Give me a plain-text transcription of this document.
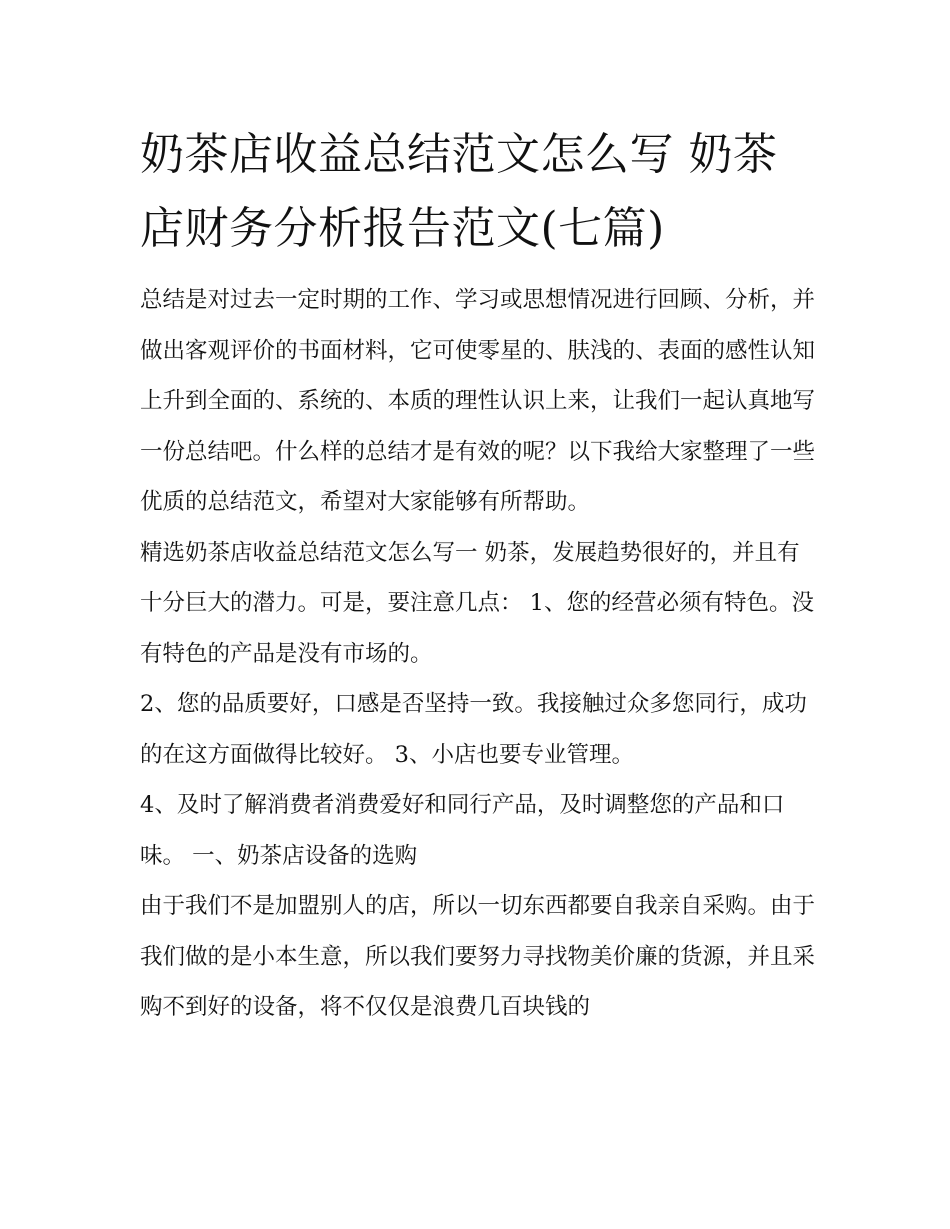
奶茶店收益总结范文怎么写 奶茶店财务分析报告范文(七篇)

总结是对过去一定时期的工作、学习或思想情况进行回顾、分析，并做出客观评价的书面材料，它可使零星的、肤浅的、表面的感性认知上升到全面的、系统的、本质的理性认识上来，让我们一起认真地写一份总结吧。什么样的总结才是有效的呢？以下我给大家整理了一些优质的总结范文，希望对大家能够有所帮助。

精选奶茶店收益总结范文怎么写一 奶茶，发展趋势很好的，并且有十分巨大的潜力。可是，要注意几点： 1、您的经营必须有特色。没有特色的产品是没有市场的。

2、您的品质要好，口感是否坚持一致。我接触过众多您同行，成功的在这方面做得比较好。 3、小店也要专业管理。

4、及时了解消费者消费爱好和同行产品，及时调整您的产品和口味。 一、奶茶店设备的选购

由于我们不是加盟别人的店，所以一切东西都要自我亲自采购。由于我们做的是小本生意，所以我们要努力寻找物美价廉的货源，并且采购不到好的设备，将不仅仅是浪费几百块钱的
